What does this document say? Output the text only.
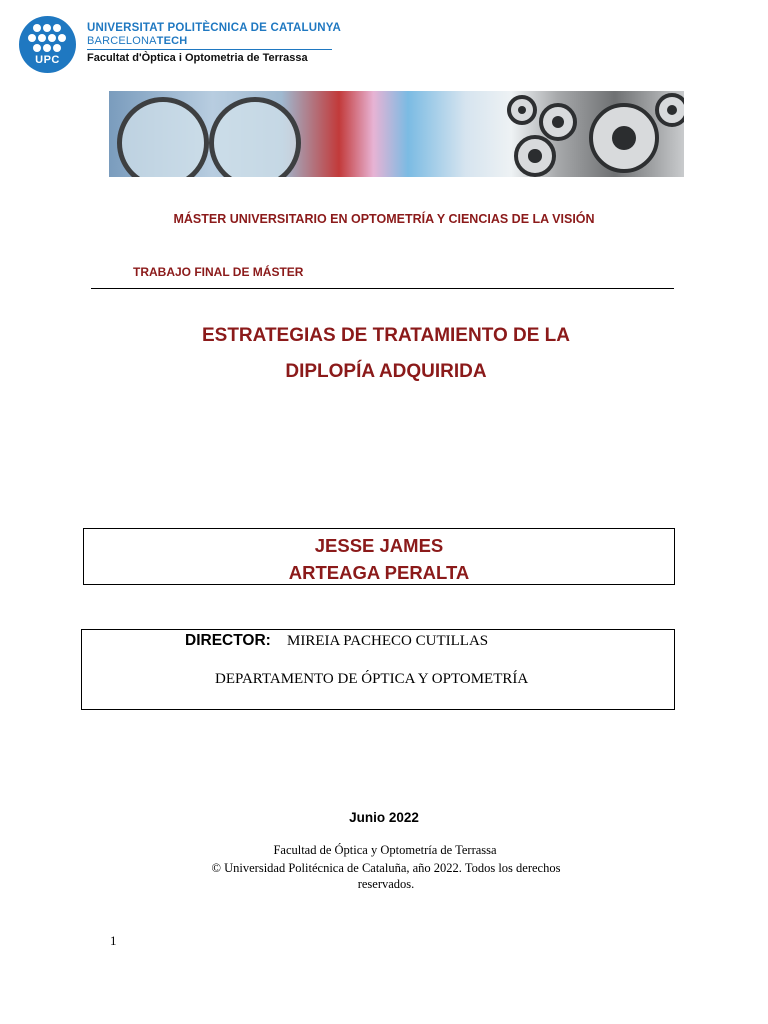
UPC
UNIVERSITAT POLITÈCNICA DE CATALUNYA
BARCELONATECH
Facultat d'Òptica i Optometria de Terrassa
MÁSTER UNIVERSITARIO EN OPTOMETRÍA Y CIENCIAS DE LA VISIÓN
TRABAJO FINAL DE MÁSTER
ESTRATEGIAS DE TRATAMIENTO DE LA
DIPLOPÍA ADQUIRIDA
JESSE JAMES
ARTEAGA PERALTA
DIRECTOR: MIREIA PACHECO CUTILLAS
DEPARTAMENTO DE ÓPTICA Y OPTOMETRÍA
Junio 2022
Facultad de Óptica y Optometría de Terrassa
© Universidad Politécnica de Cataluña, año 2022. Todos los derechos reservados.
1
